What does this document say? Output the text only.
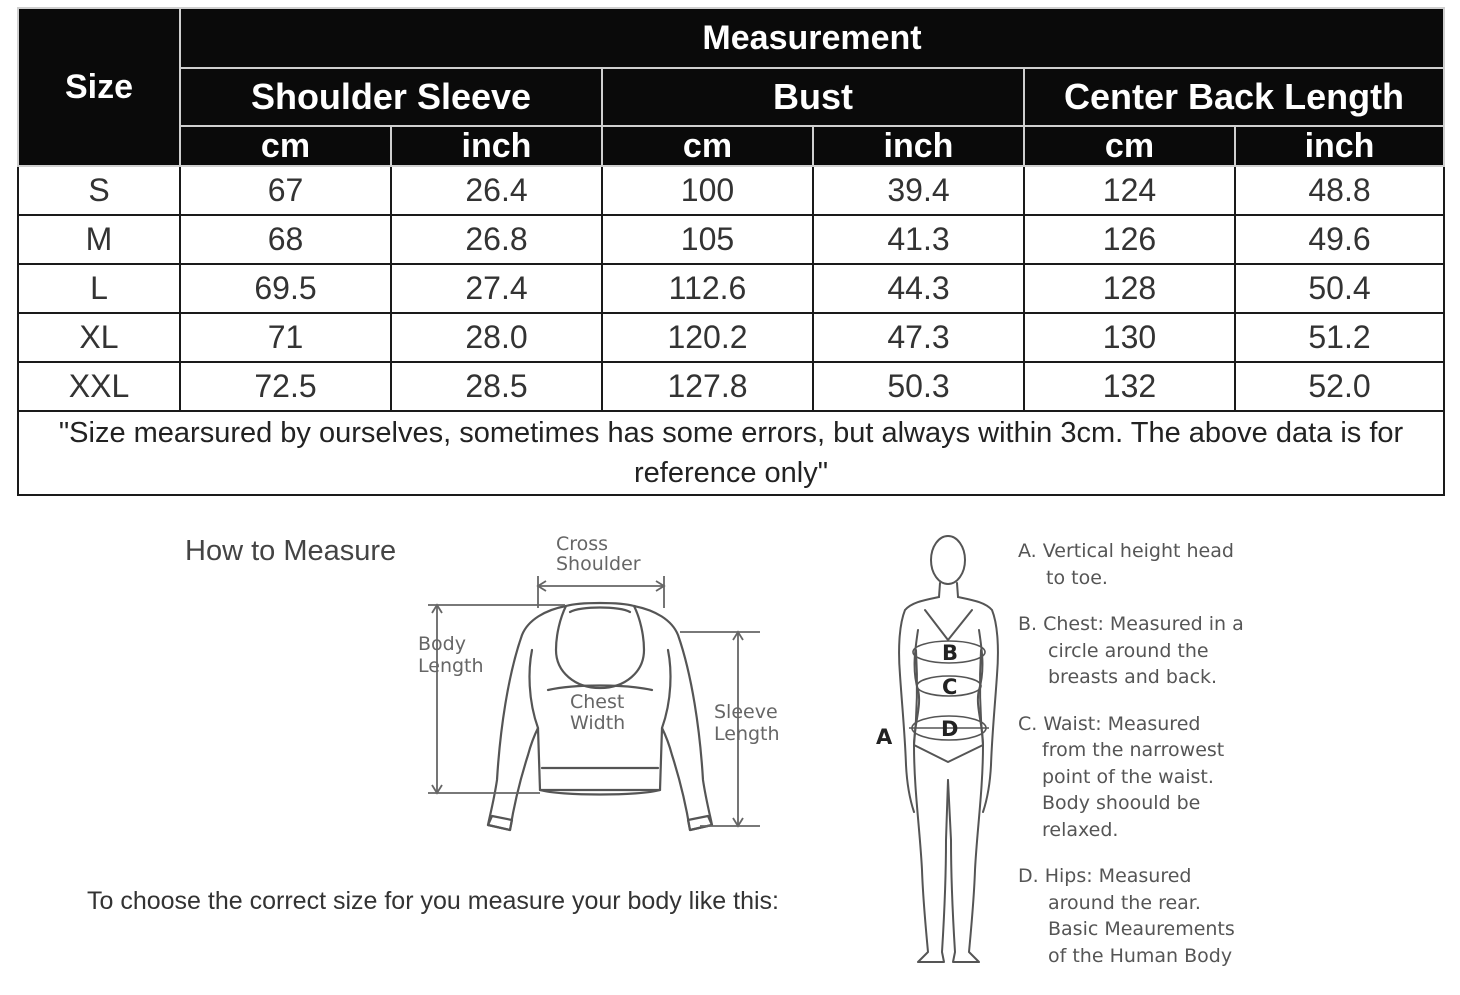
Size	Measurement					
	Shoulder Sleeve		Bust		Center Back Length	
	cm	inch	cm	inch	cm	inch
S	67	26.4	100	39.4	124	48.8
M	68	26.8	105	41.3	126	49.6
L	69.5	27.4	112.6	44.3	128	50.4
XL	71	28.0	120.2	47.3	130	51.2
XXL	72.5	28.5	127.8	50.3	132	52.0
"Size mearsured by ourselves, sometimes has some errors, but always within 3cm. The above data is for reference only"						
How to Measure
To choose the correct size for you measure your body like this:
Cross
Shoulder
Body
Length
Chest
Width	Sleeve
Length	A
B
C
D
A. Vertical height head
to toe.
B. Chest: Measured in a
circle around the
breasts and back.
C. Waist: Measured
from the narrowest
point of the waist.
Body shoould be
relaxed.
D. Hips: Measured
around the rear.
Basic Meaurements
of the Human Body
